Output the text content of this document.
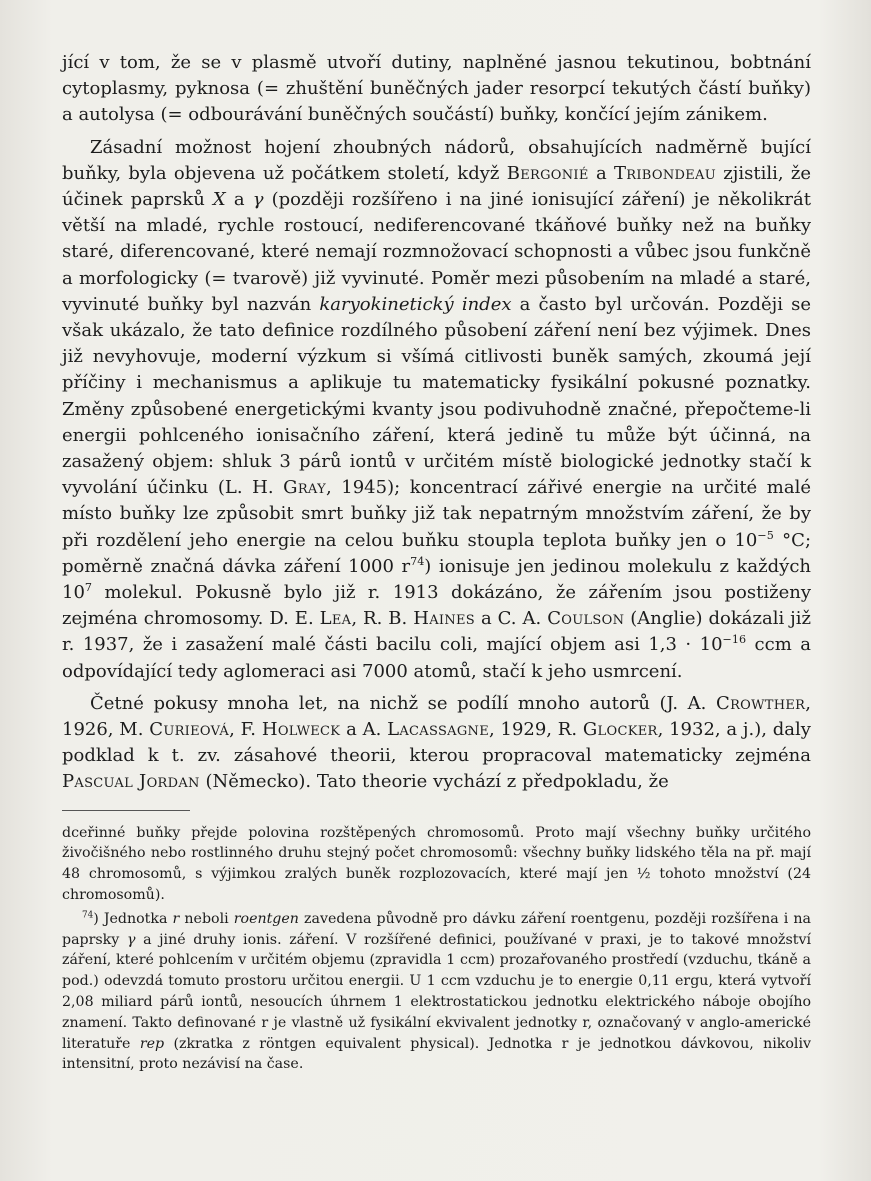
jící v tom, že se v plasmě utvoří dutiny, naplněné jasnou tekutinou, bobtnání cytoplasmy, pyknosa (= zhuštění buněčných jader resorpcí tekutých částí buňky) a autolysa (= odbourávání buněčných součástí) buňky, končící jejím zánikem.

Zásadní možnost hojení zhoubných nádorů, obsahujících nadměrně bující buňky, byla objevena už počátkem století, když Bergonié a Tribondeau zjistili, že účinek paprsků X a γ (později rozšířeno i na jiné ionisující záření) je několikrát větší na mladé, rychle rostoucí, nediferencované tkáňové buňky než na buňky staré, diferencované, které nemají rozmnožovací schopnosti a vůbec jsou funkčně a morfologicky (= tvarově) již vyvinuté. Poměr mezi působením na mladé a staré, vyvinuté buňky byl nazván karyokinetický index a často byl určován. Později se však ukázalo, že tato definice rozdílného působení záření není bez výjimek. Dnes již nevyhovuje, moderní výzkum si všímá citlivosti buněk samých, zkoumá její příčiny i mechanismus a aplikuje tu matematicky fysikální pokusné poznatky. Změny způsobené energetickými kvanty jsou podivuhodně značné, přepočteme-li energii pohlceného ionisačního záření, která jedině tu může být účinná, na zasažený objem: shluk 3 párů iontů v určitém místě biologické jednotky stačí k vyvolání účinku (L. H. Gray, 1945); koncentrací zářivé energie na určité malé místo buňky lze způsobit smrt buňky již tak nepatrným množstvím záření, že by při rozdělení jeho energie na celou buňku stoupla teplota buňky jen o $10^{-5}$ °C; poměrně značná dávka záření 1000 $r^{74}$) ionisuje jen jedinou molekulu z každých $10^7$ molekul. Pokusně bylo již r. 1913 dokázáno, že zářením jsou postiženy zejména chromosomy. D. E. Lea, R. B. Haines a C. A. Coulson (Anglie) dokázali již r. 1937, že i zasažení malé části bacilu coli, mající objem asi $1,3 \cdot 10^{-16}$ ccm a odpovídající tedy aglomeraci asi 7000 atomů, stačí k jeho usmrcení.

Četné pokusy mnoha let, na nichž se podílí mnoho autorů (J. A. Crowther, 1926, M. Curieová, F. Holweck a A. Lacassagne, 1929, R. Glocker, 1932, a j.), daly podklad k t. zv. zásahové theorii, kterou propracoval matematicky zejména Pascual Jordan (Německo). Tato theorie vychází z předpokladu, že

dceřinné buňky přejde polovina rozštěpených chromosomů. Proto mají všechny buňky určitého živočišného nebo rostlinného druhu stejný počet chromosomů: všechny buňky lidského těla na př. mají 48 chromosomů, s výjimkou zralých buněk rozplozovacích, které mají jen ½ tohoto množství (24 chromosomů).

$^{74}$) Jednotka r neboli roentgen zavedena původně pro dávku záření roentgenu, později rozšířena i na paprsky γ a jiné druhy ionis. záření. V rozšířené definici, používané v praxi, je to takové množství záření, které pohlcením v určitém objemu (zpravidla 1 ccm) prozařovaného prostředí (vzduchu, tkáně a pod.) odevzdá tomuto prostoru určitou energii. U 1 ccm vzduchu je to energie 0,11 ergu, která vytvoří 2,08 miliard párů iontů, nesoucích úhrnem 1 elektrostatickou jednotku elektrického náboje obojího znamení. Takto definované r je vlastně už fysikální ekvivalent jednotky r, označovaný v anglo-americké literatuře rep (zkratka z röntgen equivalent physical). Jednotka r je jednotkou dávkovou, nikoliv intensitní, proto nezávisí na čase.
